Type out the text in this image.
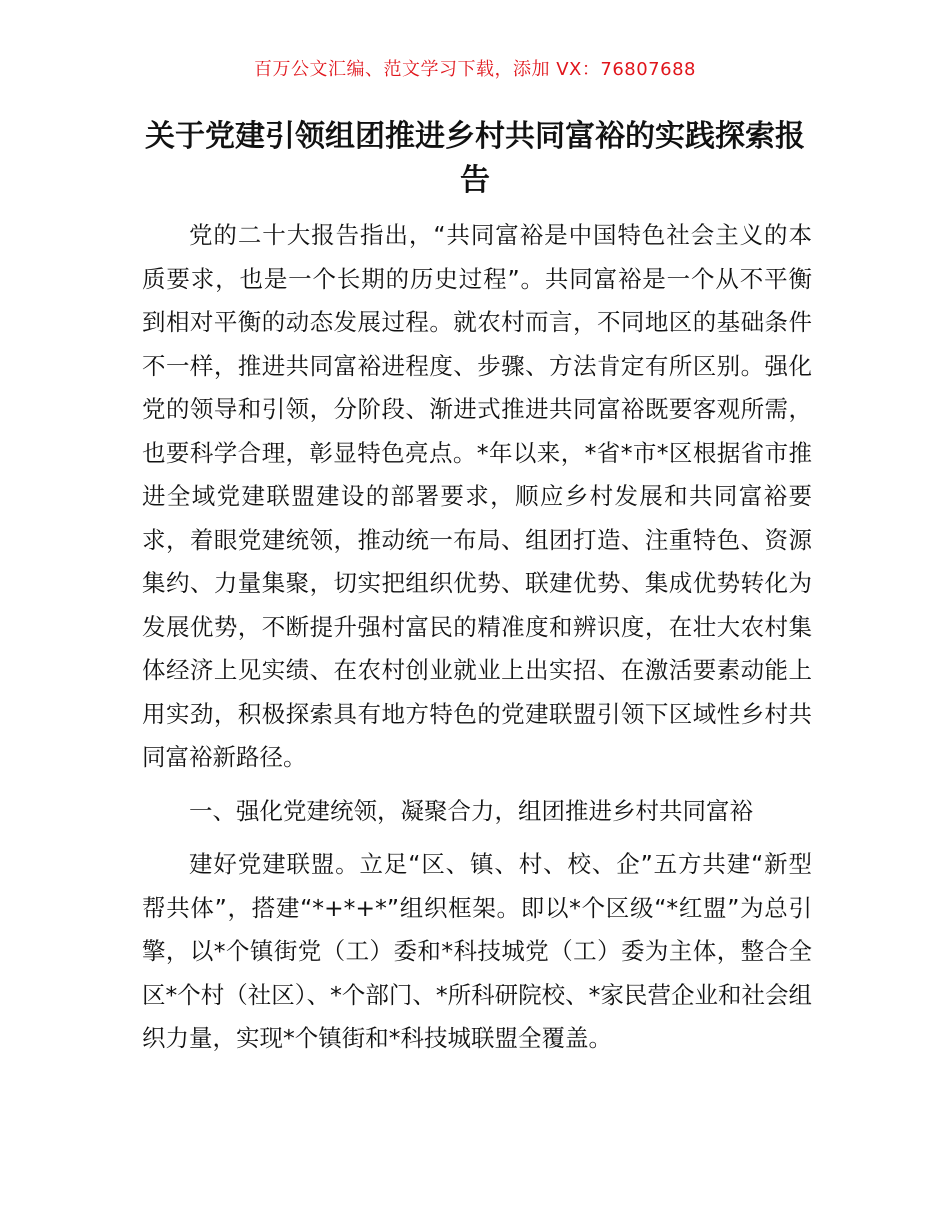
百万公文汇编、范文学习下载，添加 VX：76807688
关于党建引领组团推进乡村共同富裕的实践探索报告

党的二十大报告指出，“共同富裕是中国特色社会主义的本质要求，也是一个长期的历史过程”。共同富裕是一个从不平衡到相对平衡的动态发展过程。就农村而言，不同地区的基础条件不一样，推进共同富裕进程度、步骤、方法肯定有所区别。强化党的领导和引领，分阶段、渐进式推进共同富裕既要客观所需，也要科学合理，彰显特色亮点。*年以来，*省*市*区根据省市推进全域党建联盟建设的部署要求，顺应乡村发展和共同富裕要求，着眼党建统领，推动统一布局、组团打造、注重特色、资源集约、力量集聚，切实把组织优势、联建优势、集成优势转化为发展优势，不断提升强村富民的精准度和辨识度，在壮大农村集体经济上见实绩、在农村创业就业上出实招、在激活要素动能上用实劲，积极探索具有地方特色的党建联盟引领下区域性乡村共同富裕新路径。

一、强化党建统领，凝聚合力，组团推进乡村共同富裕

建好党建联盟。立足“区、镇、村、校、企”五方共建“新型帮共体”，搭建“*+*+*”组织框架。即以*个区级“*红盟”为总引擎，以*个镇街党（工）委和*科技城党（工）委为主体，整合全区*个村（社区）、*个部门、*所科研院校、*家民营企业和社会组织力量，实现*个镇街和*科技城联盟全覆盖。
